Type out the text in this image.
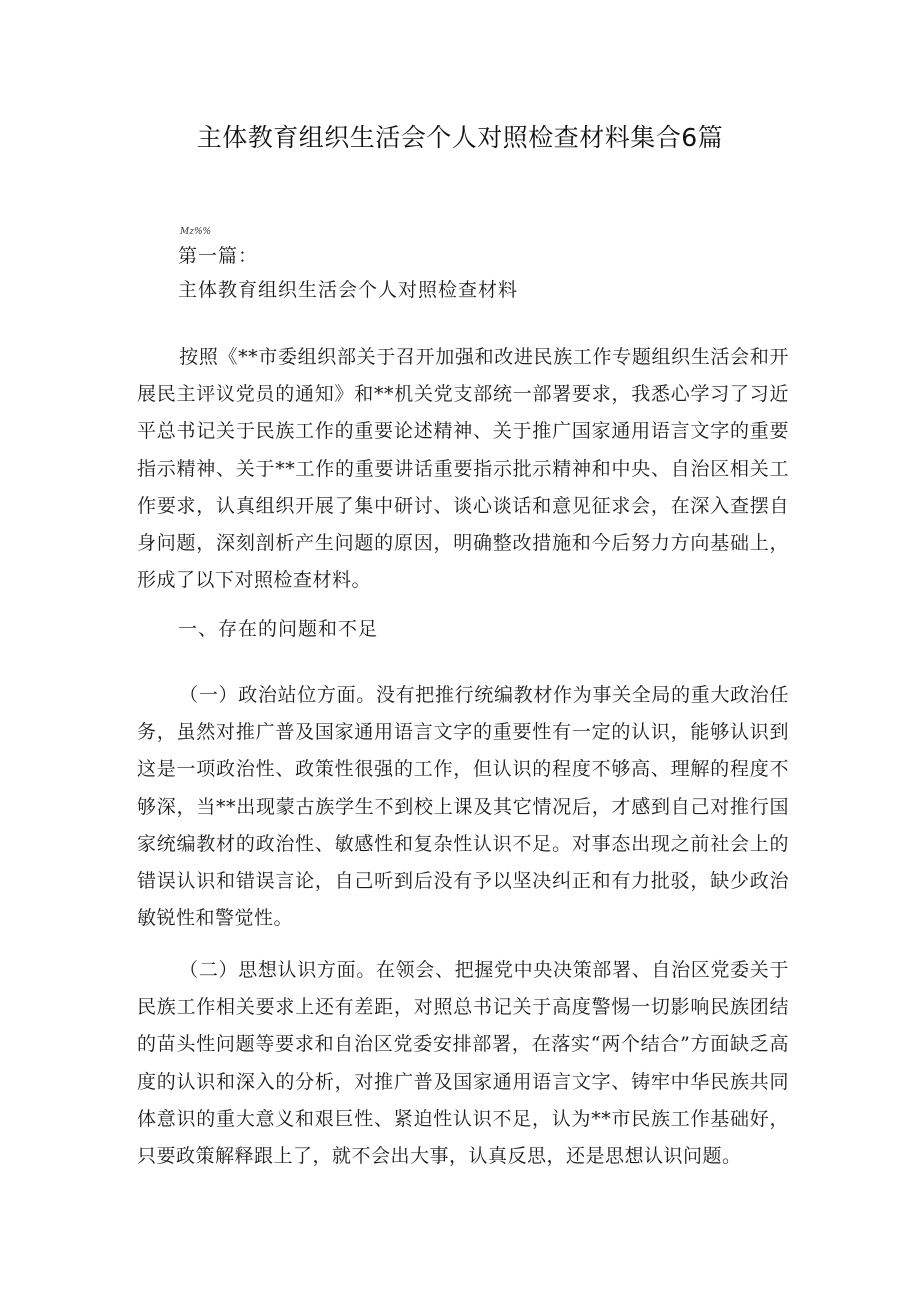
主体教育组织生活会个人对照检查材料集合6篇
Mz%%
第一篇：
主体教育组织生活会个人对照检查材料
按照《**市委组织部关于召开加强和改进民族工作专题组织生活会和开展民主评议党员的通知》和**机关党支部统一部署要求，我悉心学习了习近平总书记关于民族工作的重要论述精神、关于推广国家通用语言文字的重要指示精神、关于**工作的重要讲话重要指示批示精神和中央、自治区相关工作要求，认真组织开展了集中研讨、谈心谈话和意见征求会，在深入查摆自身问题，深刻剖析产生问题的原因，明确整改措施和今后努力方向基础上，形成了以下对照检查材料。
一、存在的问题和不足
（一）政治站位方面。没有把推行统编教材作为事关全局的重大政治任务，虽然对推广普及国家通用语言文字的重要性有一定的认识，能够认识到这是一项政治性、政策性很强的工作，但认识的程度不够高、理解的程度不够深，当**出现蒙古族学生不到校上课及其它情况后，才感到自己对推行国家统编教材的政治性、敏感性和复杂性认识不足。对事态出现之前社会上的错误认识和错误言论，自己听到后没有予以坚决纠正和有力批驳，缺少政治敏锐性和警觉性。
（二）思想认识方面。在领会、把握党中央决策部署、自治区党委关于民族工作相关要求上还有差距，对照总书记关于高度警惕一切影响民族团结的苗头性问题等要求和自治区党委安排部署，在落实“两个结合”方面缺乏高度的认识和深入的分析，对推广普及国家通用语言文字、铸牢中华民族共同体意识的重大意义和艰巨性、紧迫性认识不足，认为**市民族工作基础好，只要政策解释跟上了，就不会出大事，认真反思，还是思想认识问题。
